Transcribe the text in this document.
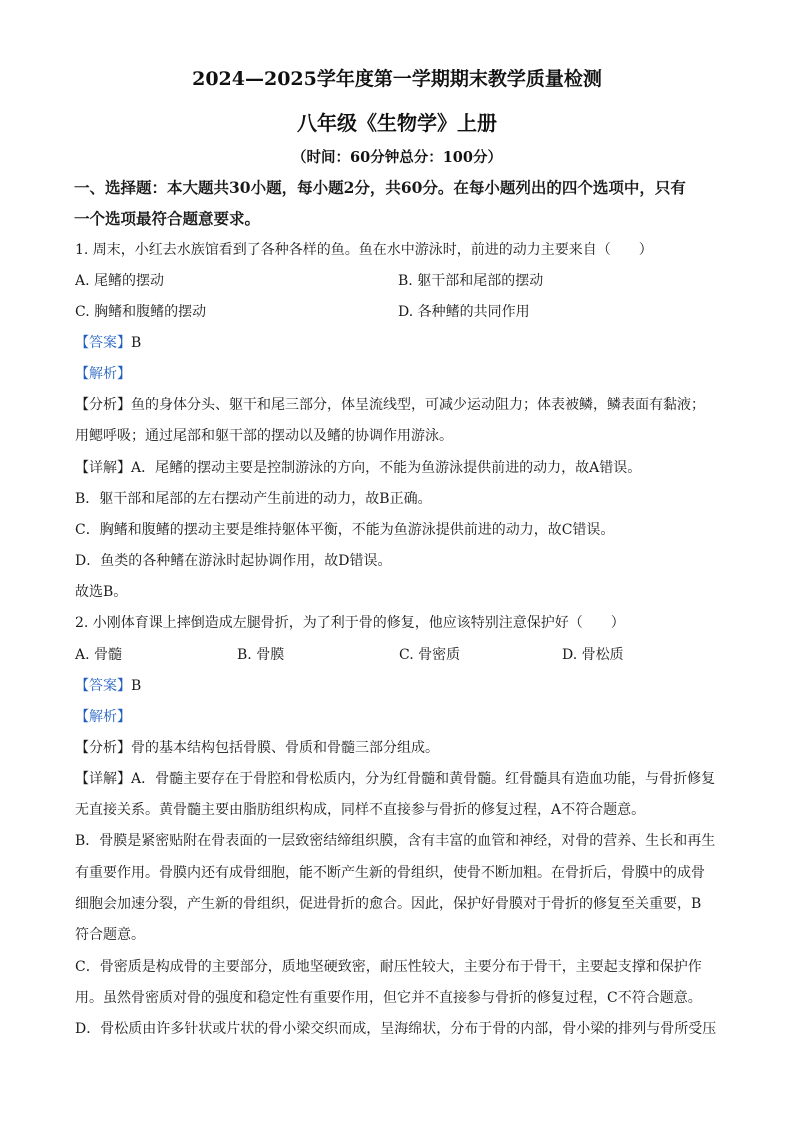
2024—2025学年度第一学期期末教学质量检测
八年级《生物学》上册
（时间：60分钟总分：100分）
一、选择题：本大题共30小题，每小题2分，共60分。在每小题列出的四个选项中，只有
一个选项最符合题意要求。
1. 周末，小红去水族馆看到了各种各样的鱼。鱼在水中游泳时，前进的动力主要来自（　　）
A. 尾鳍的摆动	B. 躯干部和尾部的摆动
C. 胸鳍和腹鳍的摆动	D. 各种鳍的共同作用
【答案】B
【解析】
【分析】鱼的身体分头、躯干和尾三部分，体呈流线型，可减少运动阻力；体表被鳞，鳞表面有黏液；
用鳃呼吸；通过尾部和躯干部的摆动以及鳍的协调作用游泳。
【详解】A．尾鳍的摆动主要是控制游泳的方向，不能为鱼游泳提供前进的动力，故A错误。
B．躯干部和尾部的左右摆动产生前进的动力，故B正确。
C．胸鳍和腹鳍的摆动主要是维持躯体平衡，不能为鱼游泳提供前进的动力，故C错误。
D．鱼类的各种鳍在游泳时起协调作用，故D错误。
故选B。
2. 小刚体育课上摔倒造成左腿骨折，为了利于骨的修复，他应该特别注意保护好（　　）
A. 骨髓	B. 骨膜	C. 骨密质	D. 骨松质
【答案】B
【解析】
【分析】骨的基本结构包括骨膜、骨质和骨髓三部分组成。
【详解】A．骨髓主要存在于骨腔和骨松质内，分为红骨髓和黄骨髓。红骨髓具有造血功能，与骨折修复
无直接关系。黄骨髓主要由脂肪组织构成，同样不直接参与骨折的修复过程，A不符合题意。
B．骨膜是紧密贴附在骨表面的一层致密结缔组织膜，含有丰富的血管和神经，对骨的营养、生长和再生
有重要作用。骨膜内还有成骨细胞，能不断产生新的骨组织，使骨不断加粗。在骨折后，骨膜中的成骨
细胞会加速分裂，产生新的骨组织，促进骨折的愈合。因此，保护好骨膜对于骨折的修复至关重要，B
符合题意。
C．骨密质是构成骨的主要部分，质地坚硬致密，耐压性较大，主要分布于骨干，主要起支撑和保护作
用。虽然骨密质对骨的强度和稳定性有重要作用，但它并不直接参与骨折的修复过程，C不符合题意。
D．骨松质由许多针状或片状的骨小梁交织而成，呈海绵状，分布于骨的内部，骨小梁的排列与骨所受压
